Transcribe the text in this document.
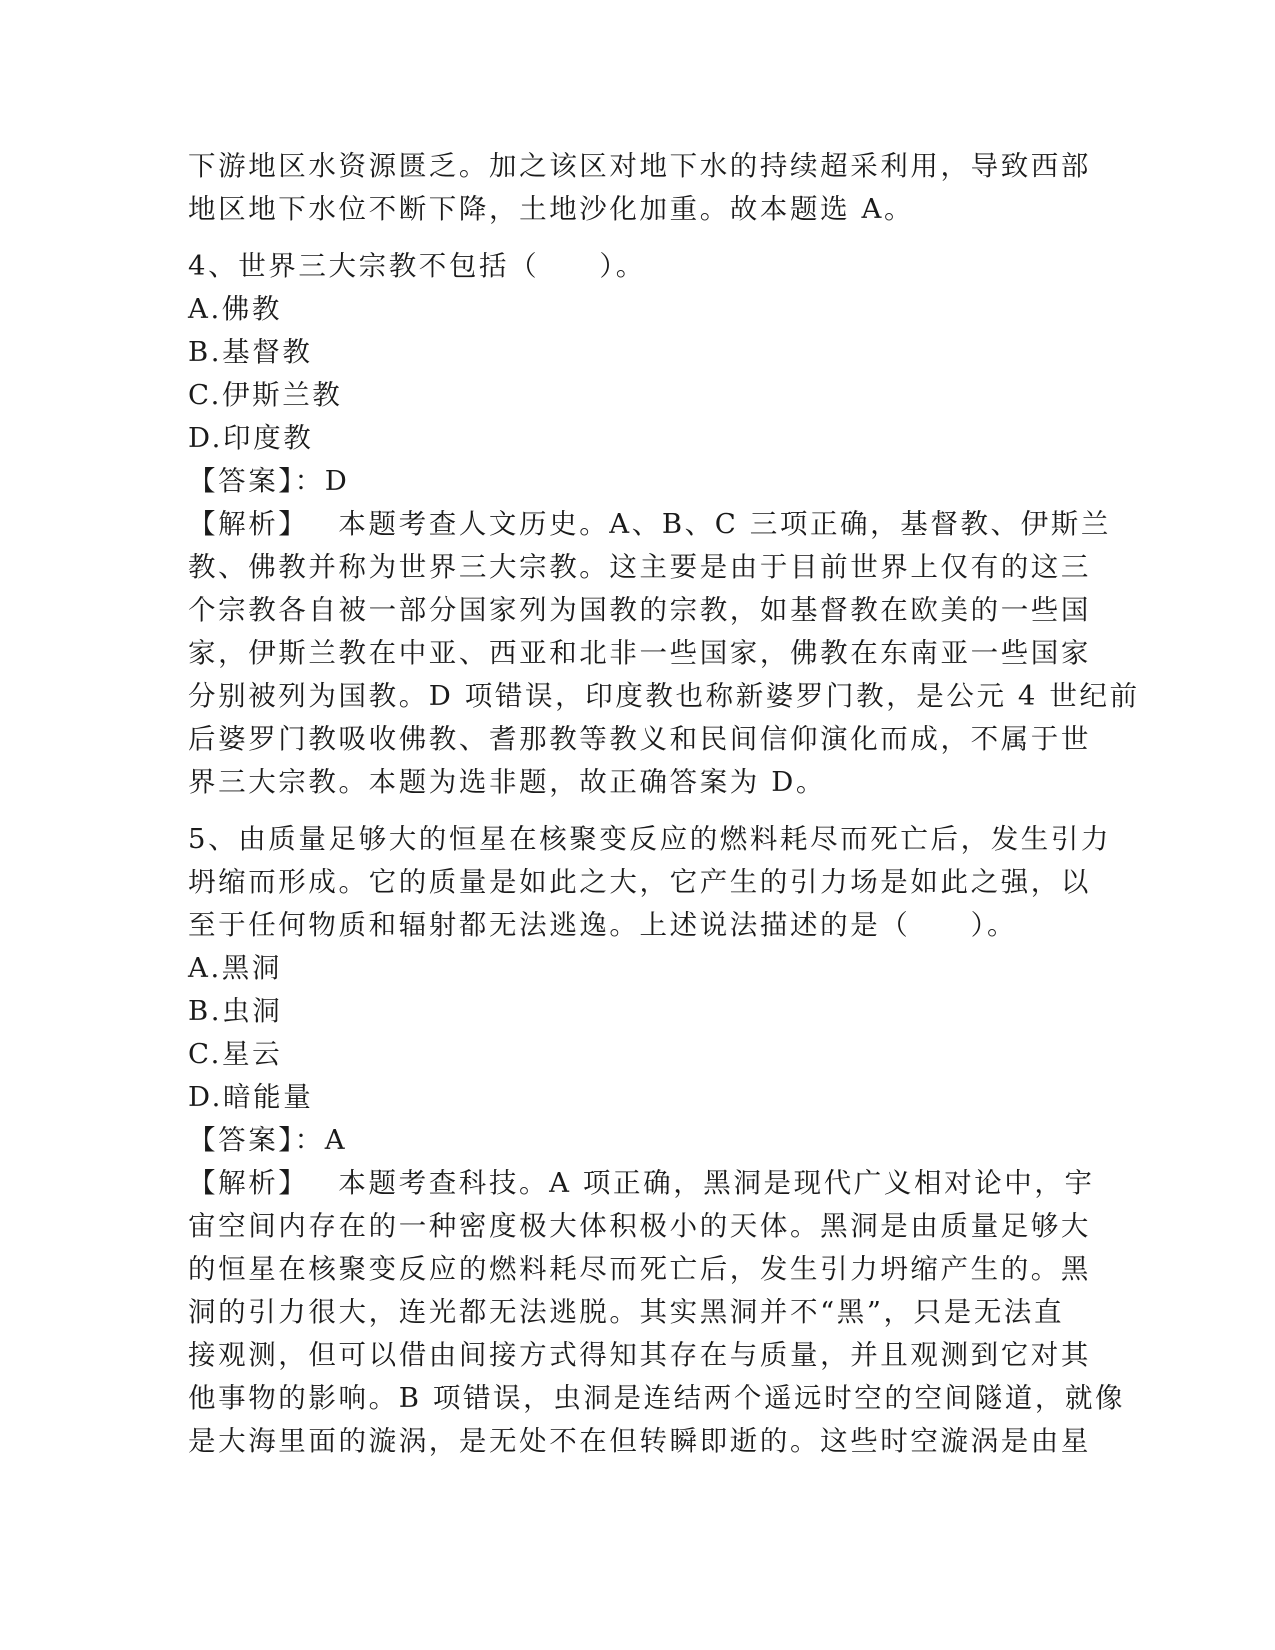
下游地区水资源匮乏。加之该区对地下水的持续超采利用，导致西部
地区地下水位不断下降，土地沙化加重。故本题选 A。
4、世界三大宗教不包括（　　）。
A.佛教
B.基督教
C.伊斯兰教
D.印度教
【答案】：D
【解析】 本题考查人文历史。A、B、C 三项正确，基督教、伊斯兰
教、佛教并称为世界三大宗教。这主要是由于目前世界上仅有的这三
个宗教各自被一部分国家列为国教的宗教，如基督教在欧美的一些国
家，伊斯兰教在中亚、西亚和北非一些国家，佛教在东南亚一些国家
分别被列为国教。D 项错误，印度教也称新婆罗门教，是公元 4 世纪前
后婆罗门教吸收佛教、耆那教等教义和民间信仰演化而成，不属于世
界三大宗教。本题为选非题，故正确答案为 D。
5、由质量足够大的恒星在核聚变反应的燃料耗尽而死亡后，发生引力
坍缩而形成。它的质量是如此之大，它产生的引力场是如此之强，以
至于任何物质和辐射都无法逃逸。上述说法描述的是（　　）。
A.黑洞
B.虫洞
C.星云
D.暗能量
【答案】：A
【解析】 本题考查科技。A 项正确，黑洞是现代广义相对论中，宇
宙空间内存在的一种密度极大体积极小的天体。黑洞是由质量足够大
的恒星在核聚变反应的燃料耗尽而死亡后，发生引力坍缩产生的。黑
洞的引力很大，连光都无法逃脱。其实黑洞并不“黑”，只是无法直
接观测，但可以借由间接方式得知其存在与质量，并且观测到它对其
他事物的影响。B 项错误，虫洞是连结两个遥远时空的空间隧道，就像
是大海里面的漩涡，是无处不在但转瞬即逝的。这些时空漩涡是由星
